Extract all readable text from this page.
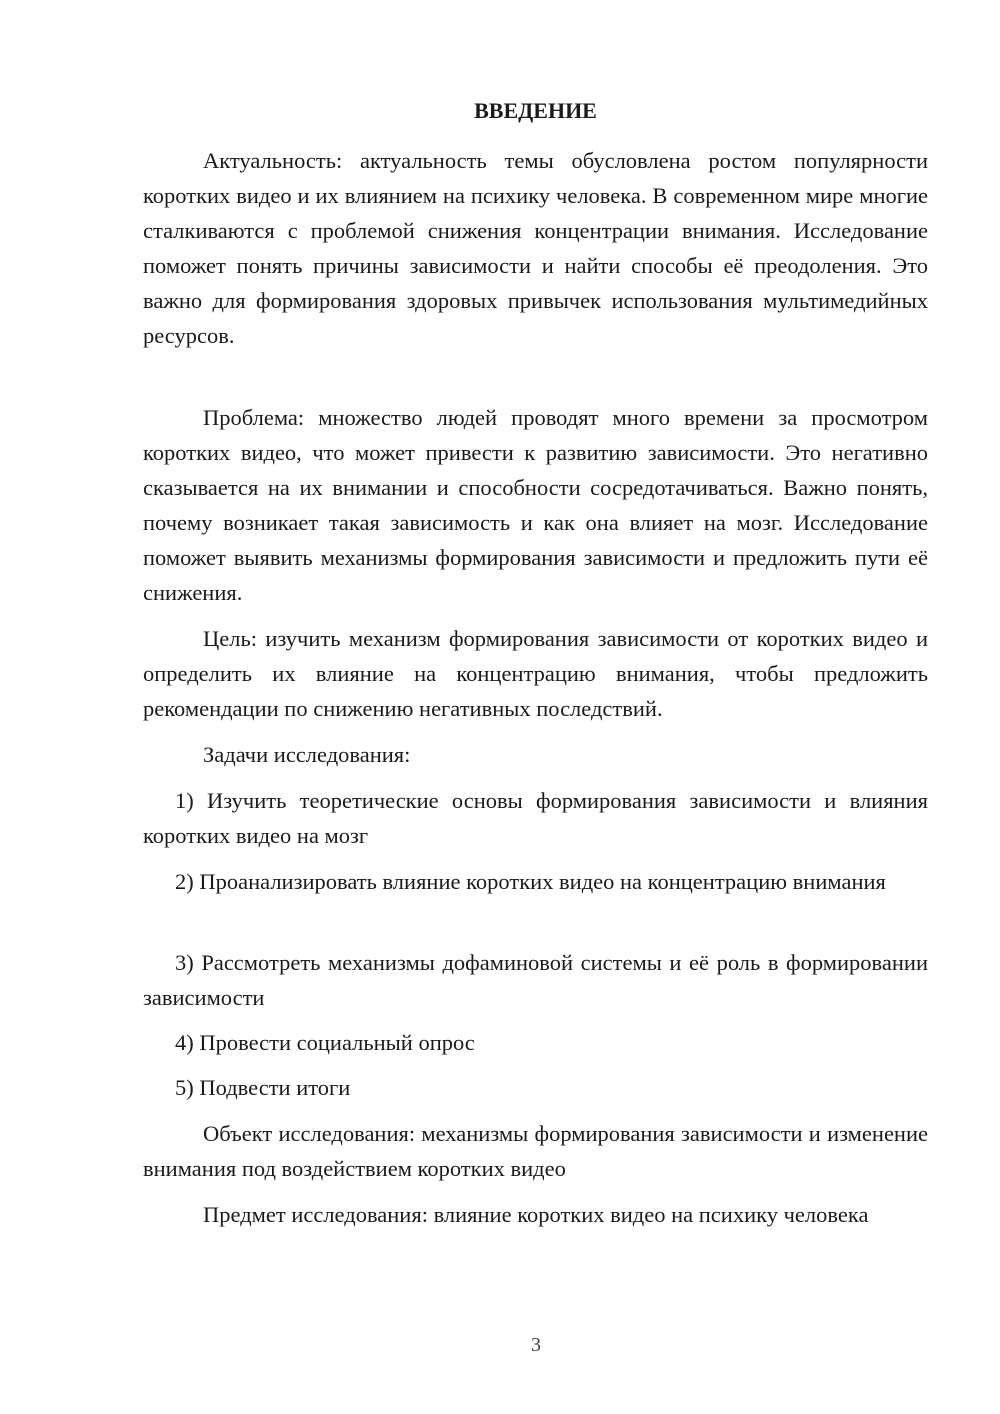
ВВЕДЕНИЕ

Актуальность: актуальность темы обусловлена ростом популярности коротких видео и их влиянием на психику человека. В современном мире многие сталкиваются с проблемой снижения концентрации внимания. Исследование поможет понять причины зависимости и найти способы её преодоления. Это важно для формирования здоровых привычек использования мультимедийных ресурсов.

Проблема: множество людей проводят много времени за просмотром коротких видео, что может привести к развитию зависимости. Это негативно сказывается на их внимании и способности сосредотачиваться. Важно понять, почему возникает такая зависимость и как она влияет на мозг. Исследование поможет выявить механизмы формирования зависимости и предложить пути её снижения.

Цель: изучить механизм формирования зависимости от коротких видео и определить их влияние на концентрацию внимания, чтобы предложить рекомендации по снижению негативных последствий.

Задачи исследования:

1) Изучить теоретические основы формирования зависимости и влияния коротких видео на мозг

2) Проанализировать влияние коротких видео на концентрацию внимания

3) Рассмотреть механизмы дофаминовой системы и её роль в формировании зависимости

4) Провести социальный опрос

5) Подвести итоги

Объект исследования: механизмы формирования зависимости и изменение внимания под воздействием коротких видео

Предмет исследования: влияние коротких видео на психику человека

3
